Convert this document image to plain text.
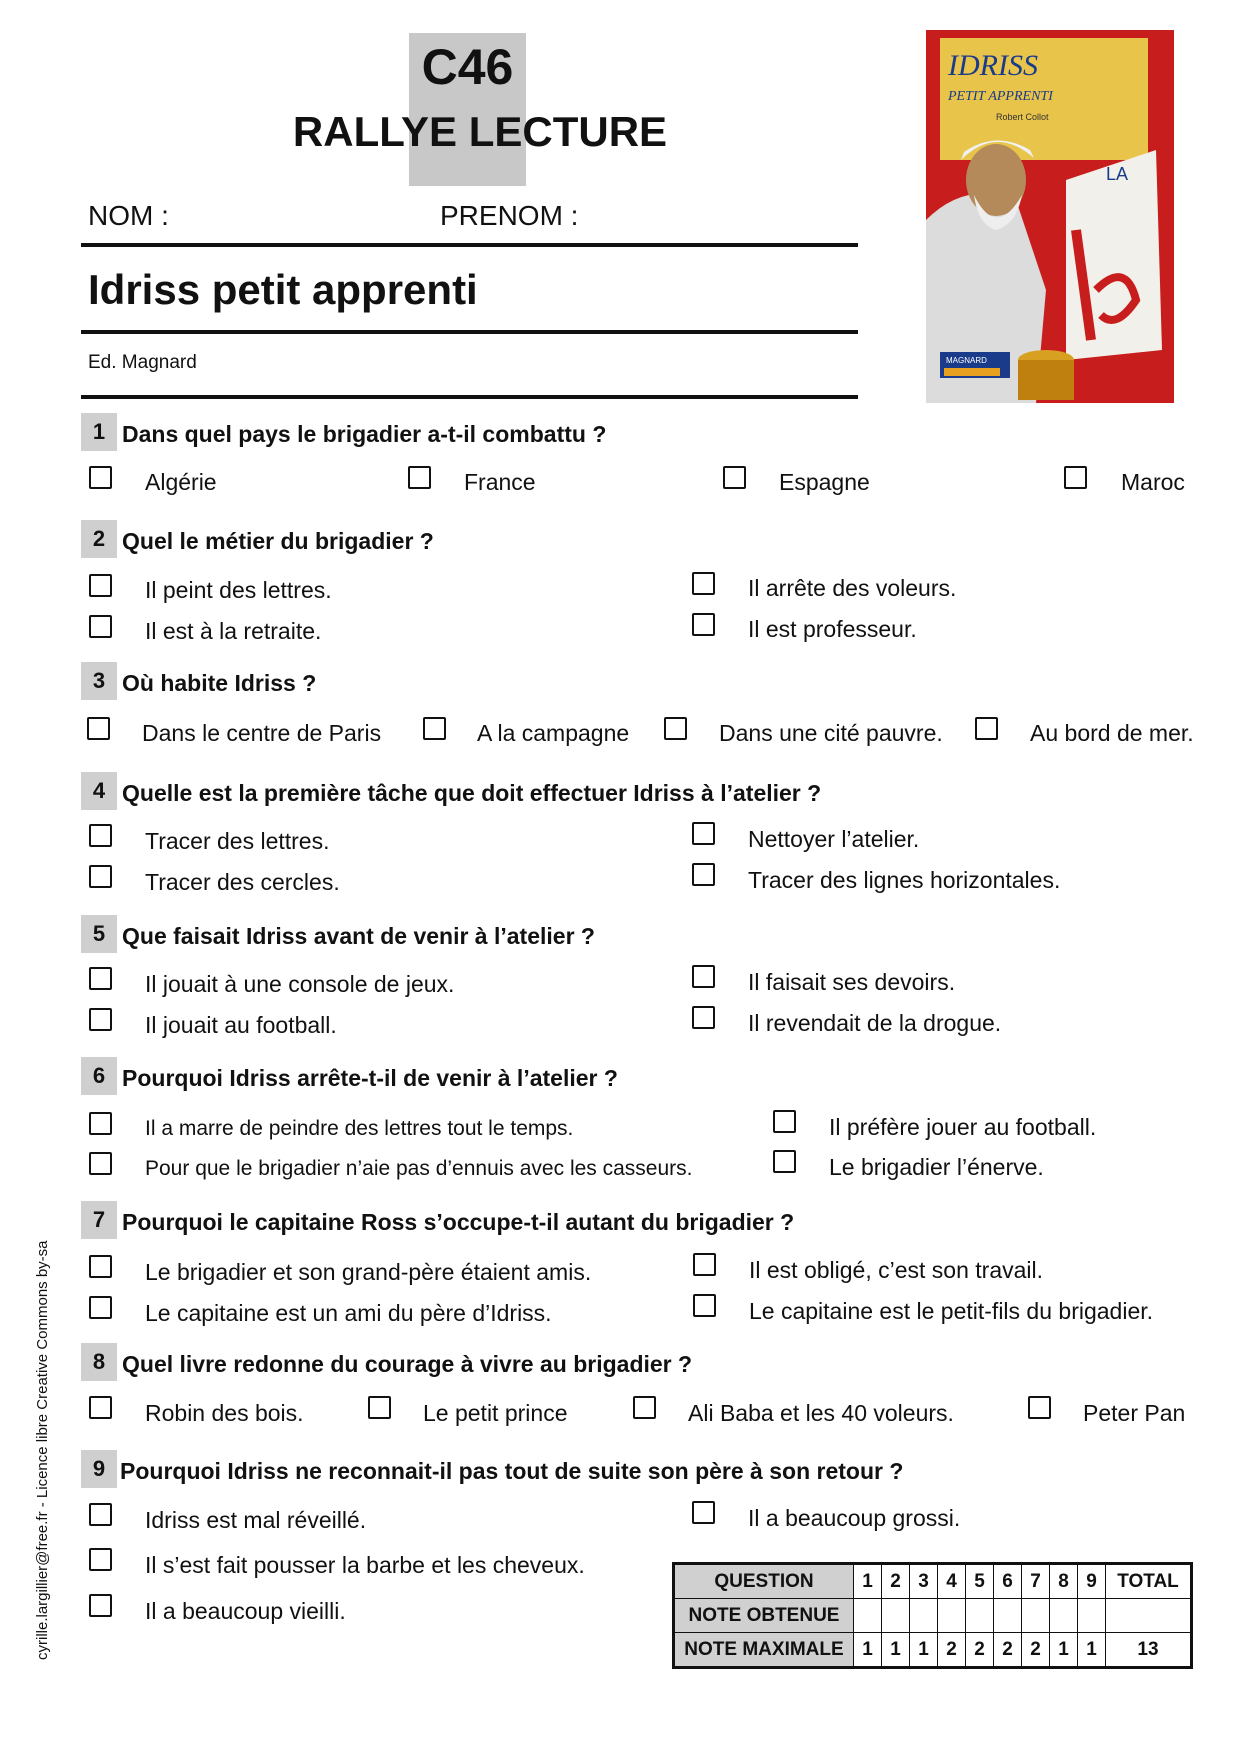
C46
RALLYE LECTURE
NOM :	PRENOM :
Idriss petit apprenti
Ed. Magnard
IDRISS
PETIT APPRENTI
Robert Collot
LA
MAGNARD
1 Dans quel pays le brigadier a-t-il combattu ?
Algérie	France	Espagne	Maroc
2 Quel le métier du brigadier ?
Il peint des lettres.	Il arrête des voleurs.
Il est à la retraite.	Il est professeur.
3 Où habite Idriss ?
Dans le centre de Paris	A la campagne	Dans une cité pauvre.	Au bord de mer.
4 Quelle est la première tâche que doit effectuer Idriss à l’atelier ?
Tracer des lettres.	Nettoyer l’atelier.
Tracer des cercles.	Tracer des lignes horizontales.
5 Que faisait Idriss avant de venir à l’atelier ?
Il jouait à une console de jeux.	Il faisait ses devoirs.
Il jouait au football.	Il revendait de la drogue.
6 Pourquoi Idriss arrête-t-il de venir à l’atelier ?
Il a marre de peindre des lettres tout le temps.	Il préfère jouer au football.
Pour que le brigadier n’aie pas d’ennuis avec les casseurs.	Le brigadier l’énerve.
7 Pourquoi le capitaine Ross s’occupe-t-il autant du brigadier ?
Le brigadier et son grand-père étaient amis.	Il est obligé, c’est son travail.
Le capitaine est un ami du père d’Idriss.	Le capitaine est le petit-fils du brigadier.
8 Quel livre redonne du courage à vivre au brigadier ?
Robin des bois.	Le petit prince	Ali Baba et les 40 voleurs.	Peter Pan
9 Pourquoi Idriss ne reconnait-il pas tout de suite son père à son retour ?
Idriss est mal réveillé.	Il a beaucoup grossi.
Il s’est fait pousser la barbe et les cheveux.
Il a beaucoup vieilli.
QUESTION	1	2	3	4	5	6	7	8	9	TOTAL
NOTE OBTENUE										
NOTE MAXIMALE	1	1	1	2	2	2	2	1	1	13
cyrille.largillier@free.fr - Licence libre Creative Commons by-sa
